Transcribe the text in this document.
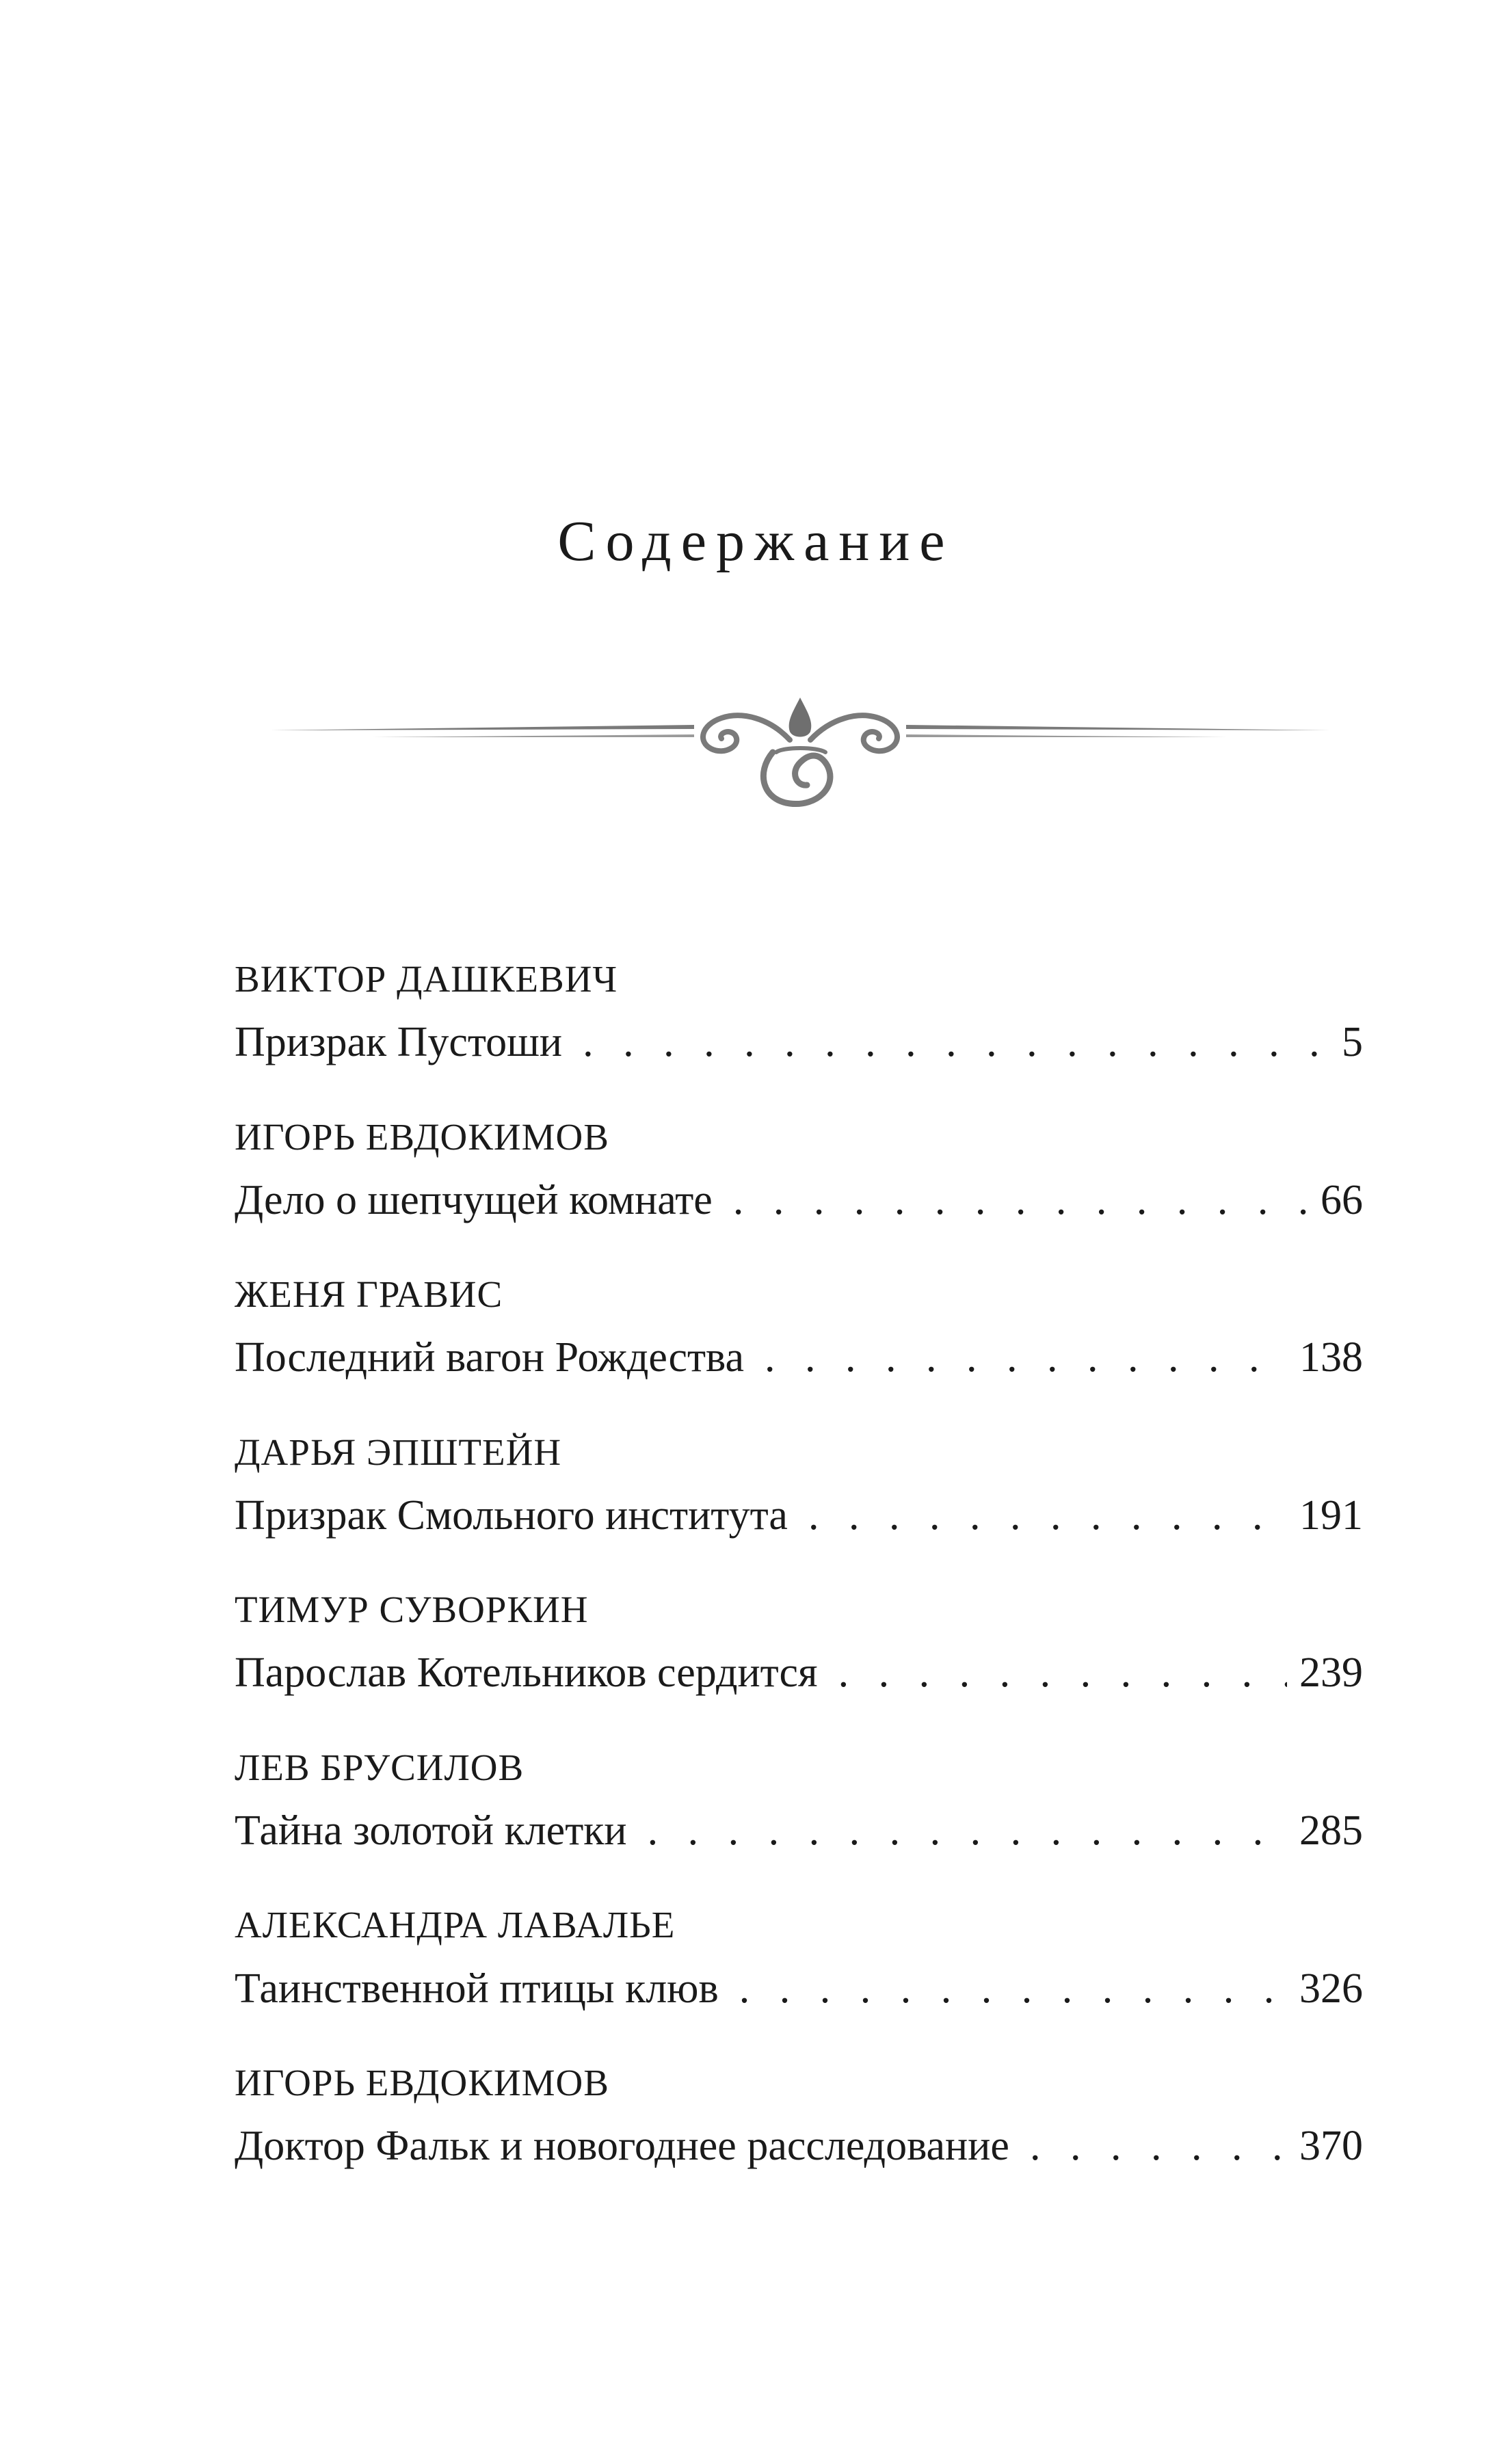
Содержание
ВИКТОР ДАШКЕВИЧ
Призрак Пустоши . . .	5
ИГОРЬ ЕВДОКИМОВ
Дело о шепчущей комнате . . .	66
ЖЕНЯ ГРАВИС
Последний вагон Рождества . . .	138
ДАРЬЯ ЭПШТЕЙН
Призрак Смольного института . . .	191
ТИМУР СУВОРКИН
Парослав Котельников сердится . . .	239
ЛЕВ БРУСИЛОВ
Тайна золотой клетки . . .	285
АЛЕКСАНДРА ЛАВАЛЬЕ
Таинственной птицы клюв . . .	326
ИГОРЬ ЕВДОКИМОВ
Доктор Фальк и новогоднее расследование . . .	370
